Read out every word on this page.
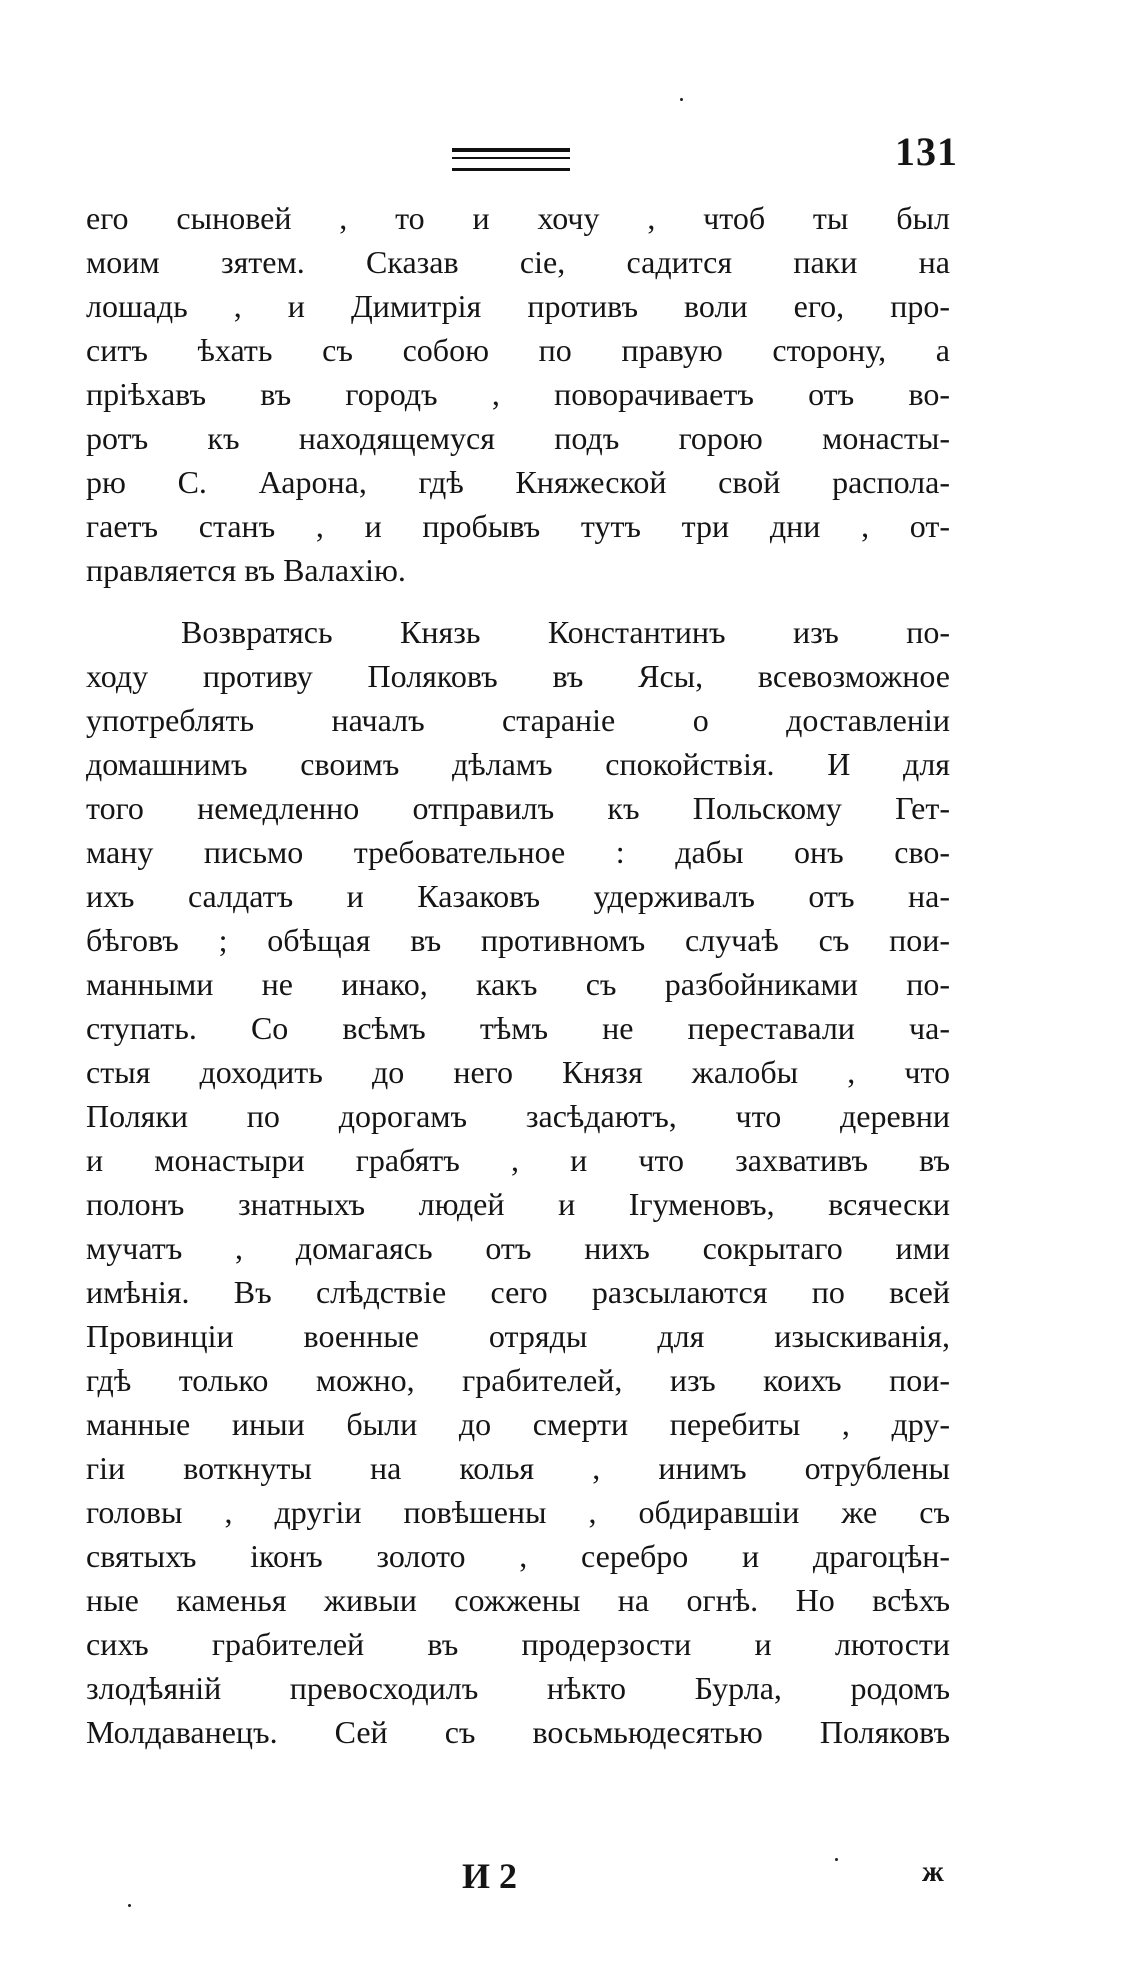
131
его сыновей , то и хочу , чтоб ты был
моим зятем. Сказав сіе, садится паки на
лошадь , и Димитрія противъ воли его, про-
ситъ ѣхать съ собою по правую сторону, а
пріѣхавъ въ городъ , поворачиваетъ отъ во-
ротъ къ находящемуся подъ горою монасты-
рю С. Аарона, гдѣ Княжеской свой распола-
гаетъ станъ , и пробывъ тутъ три дни , от-
правляется въ Валахію.
Возвратясь Князь Константинъ изъ по-
ходу противу Поляковъ въ Ясы, всевозможное
употреблять началъ стараніе о доставленіи
домашнимъ своимъ дѣламъ спокойствія. И для
того немедленно отправилъ къ Польскому Гет-
ману письмо требовательное : дабы онъ сво-
ихъ салдатъ и Казаковъ удерживалъ отъ на-
бѣговъ ; обѣщая въ противномъ случаѣ съ пои-
манными не инако, какъ съ разбойниками по-
ступать. Со всѣмъ тѣмъ не переставали ча-
стыя доходить до него Князя жалобы , что
Поляки по дорогамъ засѣдаютъ, что деревни
и монастыри грабятъ , и что захвативъ въ
полонъ знатныхъ людей и Ігуменовъ, всячески
мучатъ , домагаясь отъ нихъ сокрытаго ими
имѣнія. Въ слѣдствіе сего разсылаются по всей
Провинціи военные отряды для изыскиванія,
гдѣ только можно, грабителей, изъ коихъ пои-
манные иныи были до смерти перебиты , дру-
гіи воткнуты на колья , инимъ отрублены
головы , другіи повѣшены , обдиравшіи же съ
святыхъ іконъ золото , серебро и драгоцѣн-
ные каменья живыи сожжены на огнѣ. Но всѣхъ
сихъ грабителей въ продерзости и лютости
злодѣяній превосходилъ нѣкто Бурла, родомъ
Молдаванецъ. Сей съ восьмьюдесятью Поляковъ
И 2	ж
